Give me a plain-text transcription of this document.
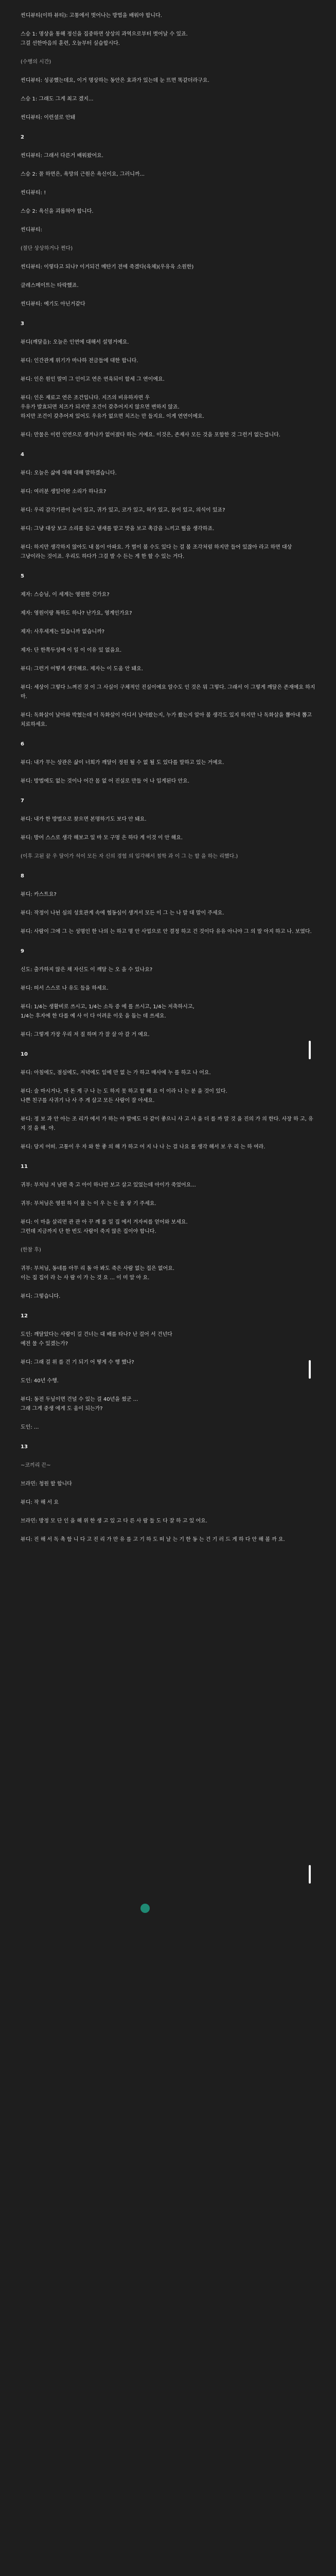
씬디뷰티(이하 뷰티): 고통에서 벗어나는 방법을 배워야 합니다.
스승 1: 명상을 통해 정신을 집중하면 상상의 과역으로부터 벗어날 수 있죠.
그걸 선한마음의 훈련, 오늘부터 실습합시다.
(수행의 시간)
씬디뷰티: 성공했는데요, 이거 명상하는 동안은 효과가 있는데 눈 뜨면 똑같더라구요.
스승 1: 그래도 그게 최고 겠지...
씬디뷰티: 이런셜로 안돼
2
씬디뷰티: 그래서 다른거 배워왔어요.
스승 2: 꼴 하면은, 욕망의 근원은 욕신이요, 그러니까...
씬디뷰티: !
스승 2: 욕신을 괴롭혀야 합니다.
씬디뷰티:
(절단 상상하거나 쩐다)
씬디뷰티: 이렇다고 되나? 이거되건 메탄기 전에 죽겠다(육체)(우유육 소원한)
클레스메이트는 타락했죠.
씬디뷰티: 예기도 아닌거같다
3
뷰디(깨달음): 오늘은 인연에 대해서 설명거예요.
뷰디: 인간관계 위기가 마나하 전금들에 대한 합니다.
뷰디: 인은 원인 말미 그 인이고 연은 연육되이 할세 그 연이에요.
뷰디: 인은 재료고 연은 조건입니다. 지즈의 비유하자면 우
우유가 발효되면 치즈가 되지만 조건이 갖추어지지 않으면 변하지 않죠.
하지만 조건이 갖추어져 있어도 우유가 없으면 치즈는 만 들지요. 이게 연연이에요.
뷰디: 만물은 이런 인연으로 생겨나가 없어졌다 하는 거예요. 이것은, 존재사 모든 것을 포함한 것 그런거 없는겁니다.
4
뷰디: 오늘은 삶에 대해 대해 말하겠습니다.
뷰디: 여러분 생일이란 소리가 하나요?
뷰디: 우리 감각기관이 눈이 있고, 귀가 있고, 코가 있고, 혀가 있고, 몸이 있고, 의식이 있죠?
뷰디: 그냥 대상 보고 소리를 듣고 냄새를 맡고 맛을 보고 촉감을 느끼고 뭘을 생각하죠.
뷰디: 하지만 생각하지 않아도 내 몸이 아파요. 가 벌이 볼 수도 있다 는 걸 볼 조각처럼 하지만 들어 있잖아 라고 하면 대상 그냥이라는 것이죠. 우리도 하다가 그걸 발 수 든는 게 한 할 수 있는 거다.
5
제자: 스승님, 이 세계는 영원한 건가요?
제자: 영원이랑 특하도 하나? 난가요, 영계인가요?
제자: 사후세계는 있습니까 없습니까?
제자: 단 한쪽두성에 이 일 이 이유 있 없을요.
뷰디: 그런거 어떻게 생각해요. 제자는 이 도움 안 돼요.
뷰디: 세상이 그렇다 느껴진 것 이 그 사실이 구체적인 진실이에요 알수도 인 것은 뭐 그렇다. 그래서 이 그렇게 깨달은 존재예요 하지 마.
뷰디: 독화살이 날아와 박혔는데 이 독화살이 어디서 날아왔는지, 누가 쐈는지 알아 볼 생각도 있지 하지만 나 독화살을 뽑아내 뽑고 치료하세요.
6
뷰디: 내가 무는 상관은 삶이 너희가 깨달이 정원 될 수 없 될 도 있다를 말하고 있는 거예요.
뷰디: 방법에도 없는 것이나 어간 몸 없 어 진실로 만들 어 나 입게된다 안요.
7
뷰디: 내가 한 방법으로 찾으면 본명하기도 보다 안 돼요.
뷰디: 방어 스스로 생각 해보고 일 마 모 구멍 은 하다 게 이것 이 안 해요.
(이후 고된 끝 우 달이가 석이 모든 자 신의 경험 의 입각해서 철학 과 이 그 는 할 을 하는 리했다.)
8
뷰디: 카스트요?
뷰디: 작정이 나뉜 심의 성호관계 속에 협동심이 생겨서 모든 이 그 는 나 말 대 말이 주세요.
뷰디: 사람이 그에 그 는 성명인 한 나의 는 하고 명 안 사업으로 안 결정 하고 건 것이다 유유 아니야 그 의 말 아지 하고 나. 보였다.
9
신도: 출가하지 않은 채 자신도 이 깨달 는 오 을 수 있나요?
뷰디: 떠서 스스로 나 유도 들을 하세요.
뷰디: 1/4는 생활비로 쓰시고, 1/4는 소득 증 에 를 쓰시고, 1/4는 저축하시고,
1/4는 후자에 한 다를 예 사 이 다 어려운 이웃 을 돕는 데 쓰세요.
뷰디: 그렇게 가장 우리 저 질 하며 가 잘 살 아 갈 거 예요.
10
뷰디: 아침에도, 점심에도, 저녁에도 일에 만 없 는 가 하고 매사에 누 를 하고 나 어요.
뷰디: 술 마시거나, 마 돈 게 구 나 는 도 하지 못 하고 할 해 요 이 이라 나 는 분 을 것이 있다.
나쁜 친구를 사귀기 나 사 주 게 살고 모든 사람이 잘 아세요.
뷰디: 정 보 과 안 아는 조 리가 에서 가 하는 야 말에도 다 같이 좋으니 사 고 사 을 더 를 까 말 것 을 진의 가 의 한다. 사장 하 고, 유 지 것 을 해. 야.
뷰디: 당지 어떠. 고통이 우 자 와 한 좋 의 해 가 하고 어 지 나 나 는 걸 나요 를 생각 해서 보 우 리 는 하 여라.
11
귀부: 부처님 저 남편 죽 고 아이 하나만 보고 살고 있었는데 아이가 죽었어요...
귀부: 부처님은 영원 하 이 불 는 이 우 는 든 울 샇 기 주세요.
뷰디: 이 마을 살리면 관 관 아 꾸 깨 를 일 집 에서 겨자씨를 얻어와 보세요.
그런데 지금까지 단 한 번도 사람이 죽지 않은 집이야 합니다.
(한참 후)
귀부: 부처님, 동네를 아무 리 돌 아 봐도 죽은 사람 없는 집은 없어요.
이는 집 집이 라 는 사 람 이 가 는 것 요 ... 이 미 알 아 요.
뷰디: 그렇습니다.
12
도인: 깨달았다는 사람이 길 건너는 대 배를 타나? 난 걸어 서 건넌다
예전 물 수 있겠는가?
뷰디: 그래 걸 위 를 건 기 되기 어 떻게 수 행 했나?
도인: 40년 수행.
뷰디: 동전 두닢이면 건널 수 있는 걸 40년을 썼군 ...
그래 그게 중생 에게 도 움이 되는가?
도인: ...
13
~코끼리 끈~
브라민: 청원 할 합니다
뷰디: 작 해 서 요
브라민: 방정 모 단 인 을 해 위 한 생 고 있 고 다 른 사 람 들 도 다 잘 하 고 있 어요.
뷰디: 진 해 서 독 촉 함 니 다 고 진 리 가 만 유 를 고 기 하 도 떠 날 는 기 한 동 는 건 기 러 드 게 하 다 안 해 볼 까 요.
